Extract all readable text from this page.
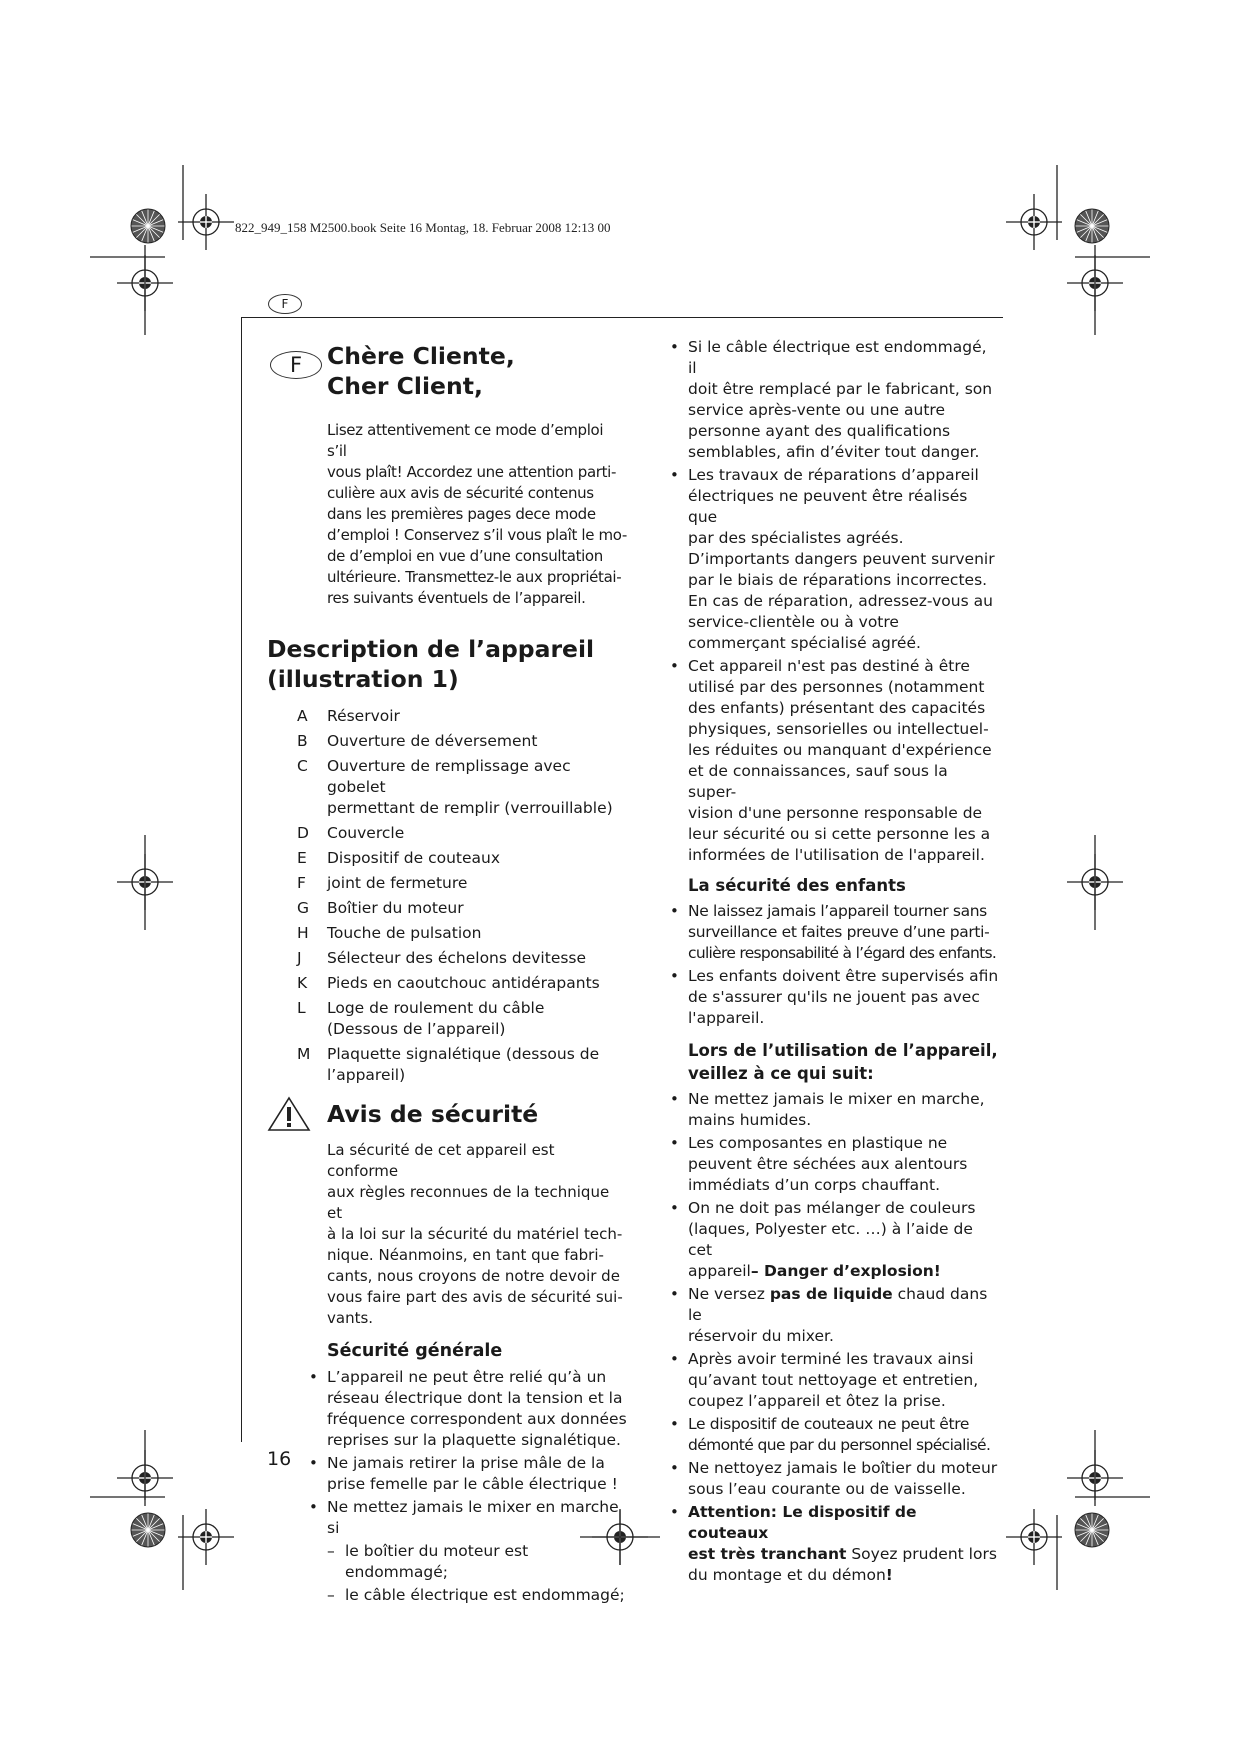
822_949_158 M2500.book Seite 16 Montag, 18. Februar 2008 12:13 00
F
F	Chère Cliente,

Cher Client,

Lisez attentivement ce mode d’emploi s’il

vous plaît! Accordez une attention parti-

culière aux avis de sécurité contenus

dans les premières pages dece mode

d’emploi ! Conservez s’il vous plaît le mo-

de d’emploi en vue d’une consultation

ultérieure. Transmettez-le aux propriétai-

res suivants éventuels de l’appareil.

Description de l’appareil

(illustration 1)

A	Réservoir
B	Ouverture de déversement
C	Ouverture de remplissage avec gobelet
permettant de remplir (verrouillable)
D	Couvercle
E	Dispositif de couteaux
F	joint de fermeture
G	Boîtier du moteur
H	Touche de pulsation
J	Sélecteur des échelons devitesse
K	Pieds en caoutchouc antidérapants
L	Loge de roulement du câble
(Dessous de l’appareil)
M	Plaquette signalétique (dessous de
l’appareil)

Avis de sécurité

La sécurité de cet appareil est conforme

aux règles reconnues de la technique et

à la loi sur la sécurité du matériel tech-

nique. Néanmoins, en tant que fabri-

cants, nous croyons de notre devoir de

vous faire part des avis de sécurité sui-

vants.

Sécurité générale

• L’appareil ne peut être relié qu’à un
réseau électrique dont la tension et la
fréquence correspondent aux données
reprises sur la plaquette signalétique.
• Ne jamais retirer la prise mâle de la
prise femelle par le câble électrique !
• Ne mettez jamais le mixer en marche si
– le boîtier du moteur est endommagé;
– le câble électrique est endommagé;
16
• Si le câble électrique est endommagé, il
doit être remplacé par le fabricant, son
service après-vente ou une autre
personne ayant des qualifications
semblables, afin d’éviter tout danger.
• Les travaux de réparations d’appareil
électriques ne peuvent être réalisés que
par des spécialistes agréés.
D’importants dangers peuvent survenir
par le biais de réparations incorrectes.
En cas de réparation, adressez-vous au
service-clientèle ou à votre
commerçant spécialisé agréé.
• Cet appareil n'est pas destiné à être
utilisé par des personnes (notamment
des enfants) présentant des capacités
physiques, sensorielles ou intellectuel-
les réduites ou manquant d'expérience
et de connaissances, sauf sous la super-
vision d'une personne responsable de
leur sécurité ou si cette personne les a
informées de l'utilisation de l'appareil.

La sécurité des enfants

• Ne laissez jamais l’appareil tourner sans
surveillance et faites preuve d’une parti-
culière responsabilité à l’égard des enfants.
• Les enfants doivent être supervisés afin
de s'assurer qu'ils ne jouent pas avec
l'appareil.

Lors de l’utilisation de l’appareil,

veillez à ce qui suit:

• Ne mettez jamais le mixer en marche,
mains humides.
• Les composantes en plastique ne
peuvent être séchées aux alentours
immédiats d’un corps chauffant.
• On ne doit pas mélanger de couleurs
(laques, Polyester etc. …) à l’aide de cet
appareil– Danger d’explosion!
• Ne versez pas de liquide chaud dans le
réservoir du mixer.
• Après avoir terminé les travaux ainsi
qu’avant tout nettoyage et entretien,
coupez l’appareil et ôtez la prise.
• Le dispositif de couteaux ne peut être
démonté que par du personnel spécialisé.
• Ne nettoyez jamais le boîtier du moteur
sous l’eau courante ou de vaisselle.
• Attention: Le dispositif de couteaux
est très tranchant Soyez prudent lors
du montage et du démon!
